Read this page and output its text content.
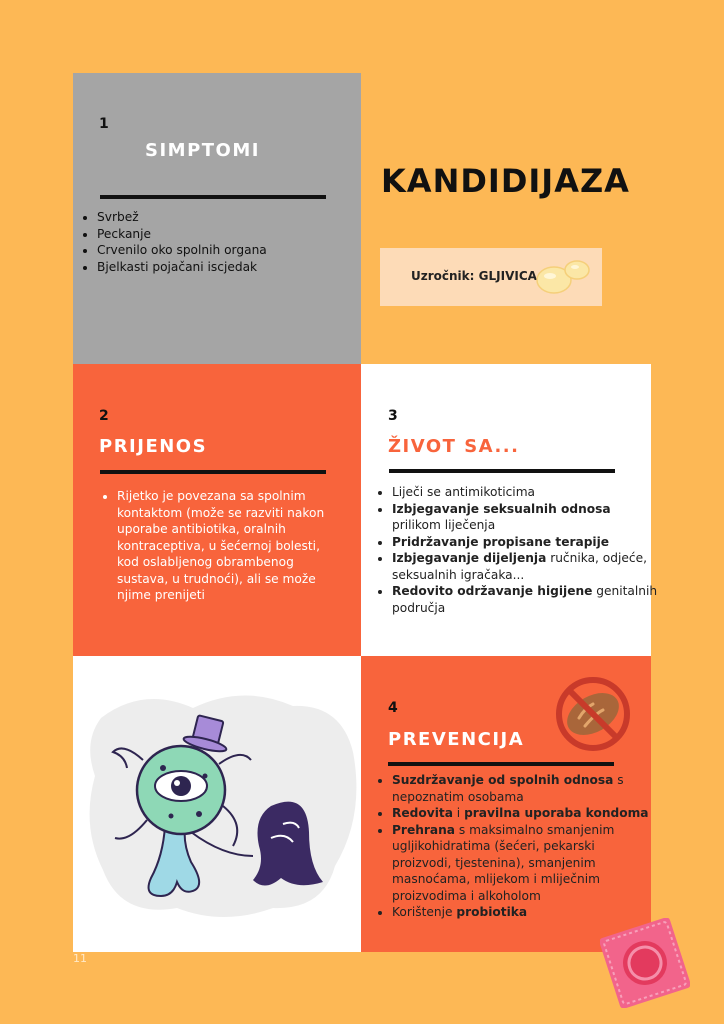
1
SIMPTOMI
• Svrbež
• Peckanje
• Crvenilo oko spolnih organa
• Bjelkasti pojačani iscjedak
KANDIDIJAZA
Uzročnik: GLJIVICA
2
PRIJENOS
• Rijetko je povezana sa spolnim kontaktom (može se razviti nakon uporabe antibiotika, oralnih kontraceptiva, u šećernoj bolesti, kod oslabljenog obrambenog sustava, u trudnoći), ali se može njime prenijeti
3
ŽIVOT SA...
• Liječi se antimikoticima
• Izbjegavanje seksualnih odnosa prilikom liječenja
• Pridržavanje propisane terapije
• Izbjegavanje dijeljenja ručnika, odjeće, seksualnih igračaka...
• Redovito održavanje higijene genitalnih područja
4
PREVENCIJA
• Suzdržavanje od spolnih odnosa s nepoznatim osobama
• Redovita i pravilna uporaba kondoma
• Prehrana s maksimalno smanjenim ugljikohidratima (šećeri, pekarski proizvodi, tjestenina), smanjenim masnoćama, mlijekom i mliječnim proizvodima i alkoholom
• Korištenje probiotika
11
